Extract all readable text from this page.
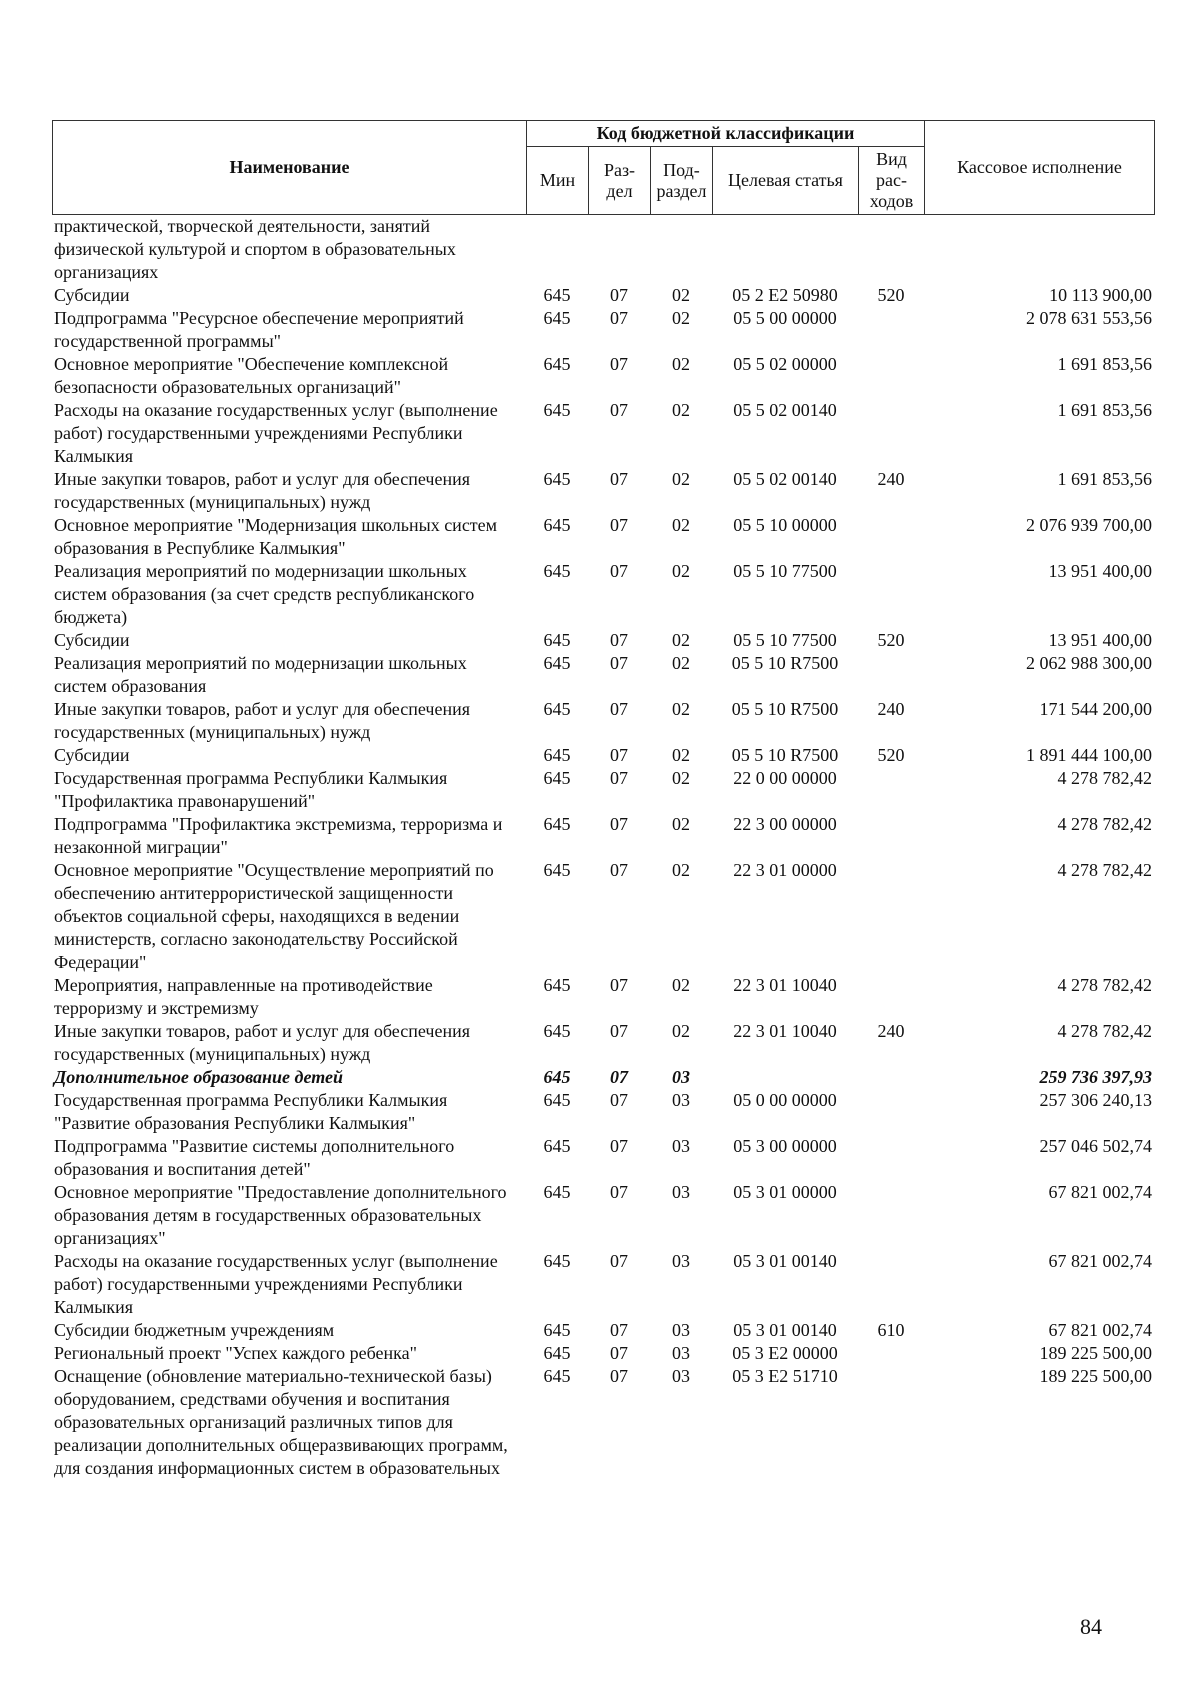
Наименование	Код бюджетной классификации					Кассовое исполнение
	Мин	Раз-дел	Под-раздел	Целевая статья	Вид рас-ходов	
практической, творческой деятельности, занятий физической культурой и спортом в образовательных организациях						
Субсидии	645	07	02	05 2 Е2 50980	520	10 113 900,00
Подпрограмма "Ресурсное обеспечение мероприятий государственной программы"	645	07	02	05 5 00 00000		2 078 631 553,56
Основное мероприятие "Обеспечение комплексной безопасности образовательных организаций"	645	07	02	05 5 02 00000		1 691 853,56
Расходы на оказание государственных услуг (выполнение работ) государственными учреждениями Республики Калмыкия	645	07	02	05 5 02 00140		1 691 853,56
Иные закупки товаров, работ и услуг для обеспечения государственных (муниципальных) нужд	645	07	02	05 5 02 00140	240	1 691 853,56
Основное мероприятие "Модернизация школьных систем образования в Республике Калмыкия"	645	07	02	05 5 10 00000		2 076 939 700,00
Реализация мероприятий по модернизации школьных систем образования (за счет средств республиканского бюджета)	645	07	02	05 5 10 77500		13 951 400,00
Субсидии	645	07	02	05 5 10 77500	520	13 951 400,00
Реализация мероприятий по модернизации школьных систем образования	645	07	02	05 5 10 R7500		2 062 988 300,00
Иные закупки товаров, работ и услуг для обеспечения государственных (муниципальных) нужд	645	07	02	05 5 10 R7500	240	171 544 200,00
Субсидии	645	07	02	05 5 10 R7500	520	1 891 444 100,00
Государственная программа Республики Калмыкия "Профилактика правонарушений"	645	07	02	22 0 00 00000		4 278 782,42
Подпрограмма "Профилактика экстремизма, терроризма и незаконной миграции"	645	07	02	22 3 00 00000		4 278 782,42
Основное мероприятие "Осуществление мероприятий по обеспечению антитеррористической защищенности объектов социальной сферы, находящихся в ведении министерств, согласно законодательству Российской Федерации"	645	07	02	22 3 01 00000		4 278 782,42
Мероприятия, направленные на противодействие терроризму и экстремизму	645	07	02	22 3 01 10040		4 278 782,42
Иные закупки товаров, работ и услуг для обеспечения государственных (муниципальных) нужд	645	07	02	22 3 01 10040	240	4 278 782,42
Дополнительное образование детей	645	07	03			259 736 397,93
Государственная программа Республики Калмыкия "Развитие образования Республики Калмыкия"	645	07	03	05 0 00 00000		257 306 240,13
Подпрограмма "Развитие системы дополнительного образования и воспитания детей"	645	07	03	05 3 00 00000		257 046 502,74
Основное мероприятие "Предоставление дополнительного образования детям в государственных образовательных организациях"	645	07	03	05 3 01 00000		67 821 002,74
Расходы на оказание государственных услуг (выполнение работ) государственными учреждениями Республики Калмыкия	645	07	03	05 3 01 00140		67 821 002,74
Субсидии бюджетным учреждениям	645	07	03	05 3 01 00140	610	67 821 002,74
Региональный проект "Успех каждого ребенка"	645	07	03	05 3 Е2 00000		189 225 500,00
Оснащение (обновление материально-технической базы) оборудованием, средствами обучения и воспитания образовательных организаций различных типов для реализации дополнительных общеразвивающих программ, для создания информационных систем в образовательных	645	07	03	05 3 Е2 51710		189 225 500,00
84
